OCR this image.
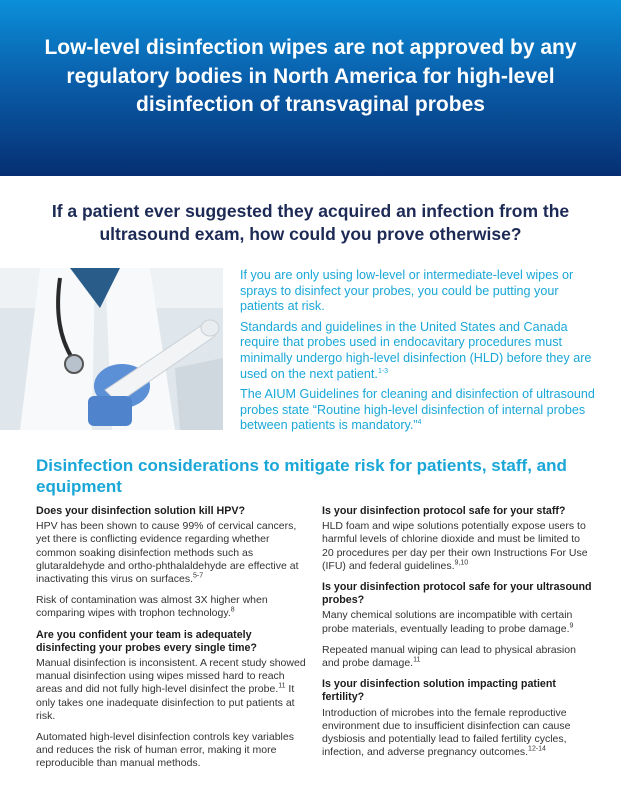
Low-level disinfection wipes are not approved by any regulatory bodies in North America for high-level disinfection of transvaginal probes
If a patient ever suggested they acquired an infection from the ultrasound exam, how could you prove otherwise?

If you are only using low-level or intermediate-level wipes or sprays to disinfect your probes, you could be putting your patients at risk.

Standards and guidelines in the United States and Canada require that probes used in endocavitary procedures must minimally undergo high-level disinfection (HLD) before they are used on the next patient.$^{1-3}$

The AIUM Guidelines for cleaning and disinfection of ultrasound probes state “Routine high-level disinfection of internal probes between patients is mandatory.”$^4$

Disinfection considerations to mitigate risk for patients, staff, and equipment

Does your disinfection solution kill HPV?

HPV has been shown to cause 99% of cervical cancers, yet there is conflicting evidence regarding whether common soaking disinfection methods such as glutaraldehyde and ortho-phthalaldehyde are effective at inactivating this virus on surfaces.$^{5-7}$

Risk of contamination was almost 3X higher when comparing wipes with trophon technology.$^8$

Are you confident your team is adequately disinfecting your probes every single time?

Manual disinfection is inconsistent. A recent study showed manual disinfection using wipes missed hard to reach areas and did not fully high-level disinfect the probe.$^{11}$ It only takes one inadequate disinfection to put patients at risk.

Automated high-level disinfection controls key variables and reduces the risk of human error, making it more reproducible than manual methods.

Is your disinfection protocol safe for your staff?

HLD foam and wipe solutions potentially expose users to harmful levels of chlorine dioxide and must be limited to 20 procedures per day per their own Instructions For Use (IFU) and federal guidelines.$^{9,10}$

Is your disinfection protocol safe for your ultrasound probes?

Many chemical solutions are incompatible with certain probe materials, eventually leading to probe damage.$^9$

Repeated manual wiping can lead to physical abrasion and probe damage.$^{11}$

Is your disinfection solution impacting patient fertility?

Introduction of microbes into the female reproductive environment due to insufficient disinfection can cause dysbiosis and potentially lead to failed fertility cycles, infection, and adverse pregnancy outcomes.$^{12-14}$
